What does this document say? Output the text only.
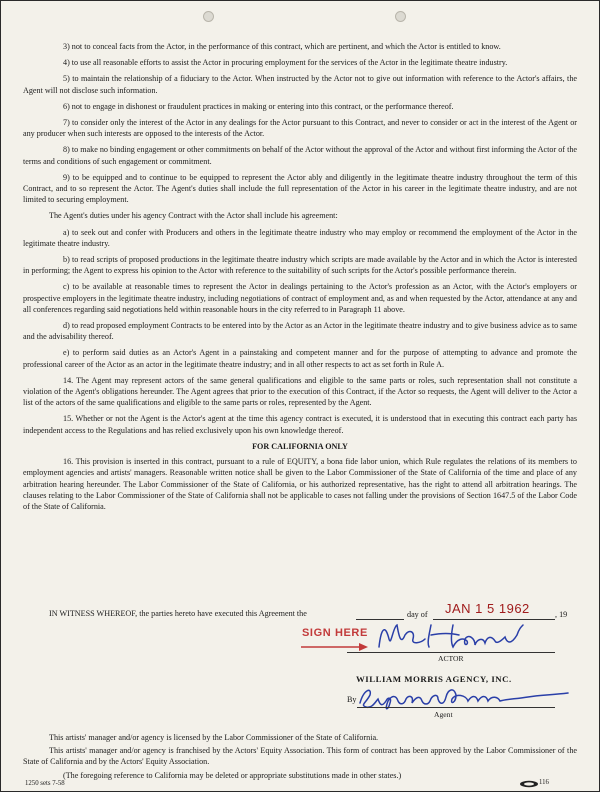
3) not to conceal facts from the Actor, in the performance of this contract, which are pertinent, and which the Actor is entitled to know.

4) to use all reasonable efforts to assist the Actor in procuring employment for the services of the Actor in the legitimate theatre industry.

5) to maintain the relationship of a fiduciary to the Actor. When instructed by the Actor not to give out information with reference to the Actor's affairs, the Agent will not disclose such information.

6) not to engage in dishonest or fraudulent practices in making or entering into this contract, or the performance thereof.

7) to consider only the interest of the Actor in any dealings for the Actor pursuant to this Contract, and never to consider or act in the interest of the Agent or any producer when such interests are opposed to the interests of the Actor.

8) to make no binding engagement or other commitments on behalf of the Actor without the approval of the Actor and without first informing the Actor of the terms and conditions of such engagement or commitment.

9) to be equipped and to continue to be equipped to represent the Actor ably and diligently in the legitimate theatre industry throughout the term of this Contract, and to so represent the Actor. The Agent's duties shall include the full representation of the Actor in his career in the legitimate theatre industry, and are not limited to securing employment.

The Agent's duties under his agency Contract with the Actor shall include his agreement:

a) to seek out and confer with Producers and others in the legitimate theatre industry who may employ or recommend the employment of the Actor in the legitimate theatre industry.

b) to read scripts of proposed productions in the legitimate theatre industry which scripts are made available by the Actor and in which the Actor is interested in performing; the Agent to express his opinion to the Actor with reference to the suitability of such scripts for the Actor's possible performance therein.

c) to be available at reasonable times to represent the Actor in dealings pertaining to the Actor's profession as an Actor, with the Actor's employers or prospective employers in the legitimate theatre industry, including negotiations of contract of employment and, as and when requested by the Actor, attendance at any and all conferences regarding said negotiations held within reasonable hours in the city referred to in Paragraph 11 above.

d) to read proposed employment Contracts to be entered into by the Actor as an Actor in the legitimate theatre industry and to give business advice as to same and the advisability thereof.

e) to perform said duties as an Actor's Agent in a painstaking and competent manner and for the purpose of attempting to advance and promote the professional career of the Actor as an actor in the legitimate theatre industry; and in all other respects to act as set forth in Rule A.

14. The Agent may represent actors of the same general qualifications and eligible to the same parts or roles, such representation shall not constitute a violation of the Agent's obligations hereunder. The Agent agrees that prior to the execution of this Contract, if the Actor so requests, the Agent will deliver to the Actor a list of the actors of the same qualifications and eligible to the same parts or roles, represented by the Agent.

15. Whether or not the Agent is the Actor's agent at the time this agency contract is executed, it is understood that in executing this contract each party has independent access to the Regulations and has relied exclusively upon his own knowledge thereof.

FOR CALIFORNIA ONLY

16. This provision is inserted in this contract, pursuant to a rule of EQUITY, a bona fide labor union, which Rule regulates the relations of its members to employment agencies and artists' managers. Reasonable written notice shall be given to the Labor Commissioner of the State of California of the time and place of any arbitration hearing hereunder. The Labor Commissioner of the State of California, or his authorized representative, has the right to attend all arbitration hearings. The clauses relating to the Labor Commissioner of the State of California shall not be applicable to cases not falling under the provisions of Section 1647.5 of the Labor Code of the State of California.

IN WITNESS WHEREOF, the parties hereto have executed this Agreement the	day of	, 19
JAN 1 5 1962
SIGN HERE
ACTOR
WILLIAM MORRIS AGENCY, INC.
By
Agent

This artists' manager and/or agency is licensed by the Labor Commissioner of the State of California.

This artists' manager and/or agency is franchised by the Actors' Equity Association. This form of contract has been approved by the Labor Commissioner of the State of California and by the Actors' Equity Association.

(The foregoing reference to California may be deleted or appropriate substitutions made in other states.)

1250 sets 7-58	116
